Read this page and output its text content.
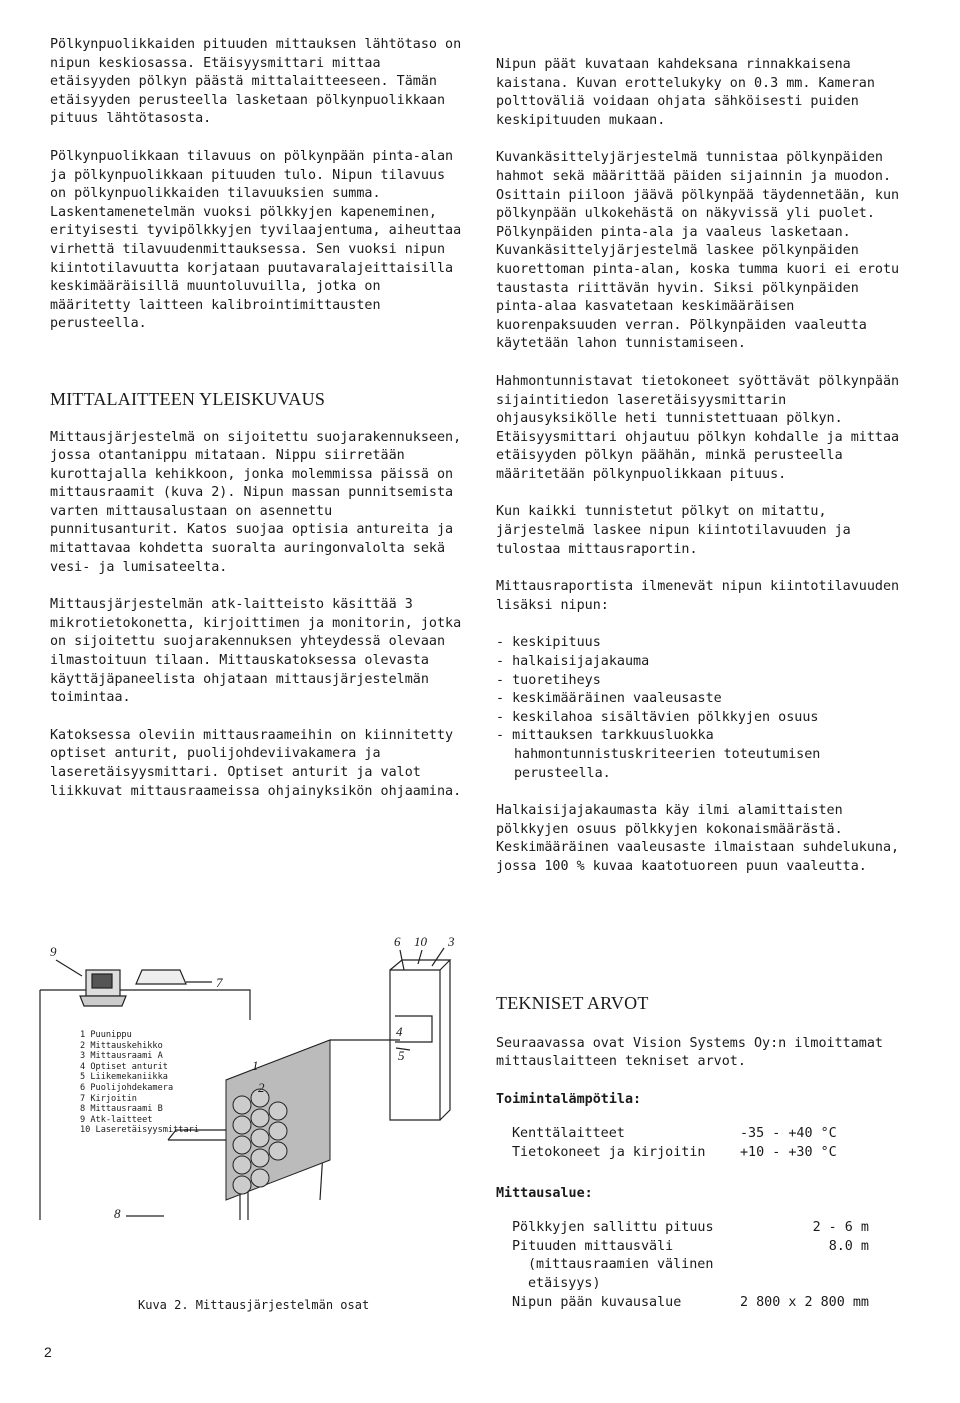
Pölkynpuolikkaiden pituuden mittauksen lähtötaso on nipun keskiosassa. Etäisyysmittari mittaa etäisyyden pölkyn päästä mittalaitteeseen. Tämän etäisyyden perusteella lasketaan pölkynpuolikkaan pituus lähtötasosta.

Pölkynpuolikkaan tilavuus on pölkynpään pinta-alan ja pölkynpuolikkaan pituuden tulo. Nipun tilavuus on pölkynpuolikkaiden tilavuuksien summa. Laskentamenetelmän vuoksi pölkkyjen kapeneminen, erityisesti tyvipölkkyjen tyvilaajentuma, aiheuttaa virhettä tilavuudenmittauksessa. Sen vuoksi nipun kiintotilavuutta korjataan puutavaralajeittaisilla keskimääräisillä muuntoluvuilla, jotka on määritetty laitteen kalibrointimittausten perusteella.

MITTALAITTEEN YLEISKUVAUS

Mittausjärjestelmä on sijoitettu suojarakennukseen, jossa otantanippu mitataan. Nippu siirretään kurottajalla kehikkoon, jonka molemmissa päissä on mittausraamit (kuva 2). Nipun massan punnitsemista varten mittausalustaan on asennettu punnitusanturit. Katos suojaa optisia antureita ja mitattavaa kohdetta suoralta auringonvalolta sekä vesi- ja lumisateelta.

Mittausjärjestelmän atk-laitteisto käsittää 3 mikrotietokonetta, kirjoittimen ja monitorin, jotka on sijoitettu suojarakennuksen yhteydessä olevaan ilmastoituun tilaan. Mittauskatoksessa olevasta käyttäjäpaneelista ohjataan mittausjärjestelmän toimintaa.

Katoksessa oleviin mittausraameihin on kiinnitetty optiset anturit, puolijohdeviivakamera ja laseretäisyysmittari. Optiset anturit ja valot liikkuvat mittausraameissa ohjainyksikön ohjaamina.

Nipun päät kuvataan kahdeksana rinnakkaisena kaistana. Kuvan erottelukyky on 0.3 mm. Kameran polttoväliä voidaan ohjata sähköisesti puiden keskipituuden mukaan.

Kuvankäsittelyjärjestelmä tunnistaa pölkynpäiden hahmot sekä määrittää päiden sijainnin ja muodon. Osittain piiloon jäävä pölkynpää täydennetään, kun pölkynpään ulkokehästä on näkyvissä yli puolet. Pölkynpäiden pinta-ala ja vaaleus lasketaan. Kuvankäsittelyjärjestelmä laskee pölkynpäiden kuorettoman pinta-alan, koska tumma kuori ei erotu taustasta riittävän hyvin. Siksi pölkynpäiden pinta-alaa kasvatetaan keskimääräisen kuorenpaksuuden verran. Pölkynpäiden vaaleutta käytetään lahon tunnistamiseen.

Hahmontunnistavat tietokoneet syöttävät pölkynpään sijaintitiedon laseretäisyysmittarin ohjausyksikölle heti tunnistettuaan pölkyn. Etäisyysmittari ohjautuu pölkyn kohdalle ja mittaa etäisyyden pölkyn päähän, minkä perusteella määritetään pölkynpuolikkaan pituus.

Kun kaikki tunnistetut pölkyt on mitattu, järjestelmä laskee nipun kiintotilavuuden ja tulostaa mittausraportin.

Mittausraportista ilmenevät nipun kiintotilavuuden lisäksi nipun:

- keskipituus
- halkaisijajakauma
- tuoretiheys
- keskimääräinen vaaleusaste
- keskilahoa sisältävien pölkkyjen osuus
- mittauksen tarkkuusluokka hahmontunnistuskriteerien toteutumisen perusteella.

Halkaisijajakaumasta käy ilmi alamittaisten pölkkyjen osuus pölkkyjen kokonaismäärästä. Keskimääräinen vaaleusaste ilmaistaan suhdelukuna, jossa 100 % kuvaa kaatotuoreen puun vaaleutta.

TEKNISET ARVOT

Seuraavassa ovat Vision Systems Oy:n ilmoittamat mittauslaitteen tekniset arvot.

Toimintalämpötila:

Kenttälaitteet	-35 - +40 °C
Tietokoneet ja kirjoitin	+10 - +30 °C

Mittausalue:

Pölkkyjen sallittu pituus	2 - 6 m
Pituuden mittausväli	8.0 m
(mittausraamien välinen etäisyys)	
Nipun pään kuvausalue	2 800 x 2 800 mm
9
7
6 10 3
1
2
4
5
8
1 Puunippu
2 Mittauskehikko
3 Mittausraami A
4 Optiset anturit
5 Liikemekaniikka
6 Puolijohdekamera
7 Kirjoitin
8 Mittausraami B
9 Atk-laitteet
10 Laseretäisyysmittari
Kuva 2. Mittausjärjestelmän osat
2
